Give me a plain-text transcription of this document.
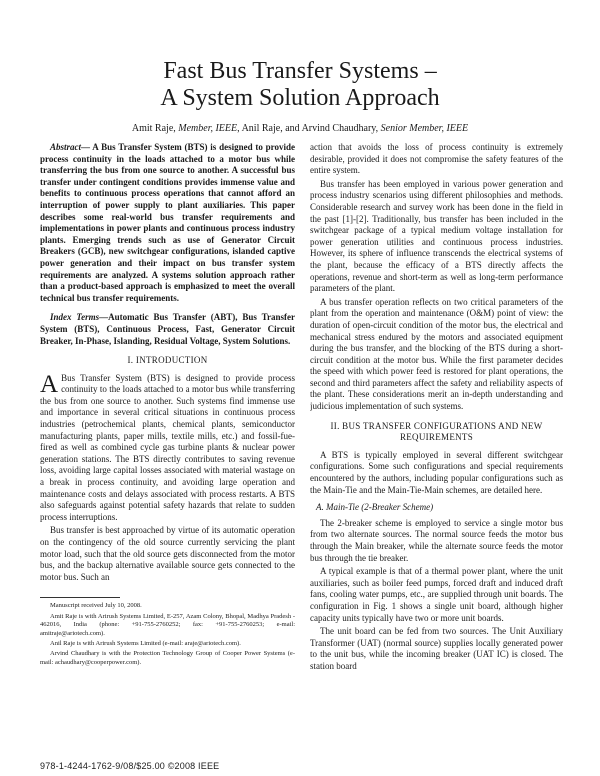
Fast Bus Transfer Systems –
A System Solution Approach
Amit Raje, Member, IEEE, Anil Raje, and Arvind Chaudhary, Senior Member, IEEE

Abstract— A Bus Transfer System (BTS) is designed to provide process continuity in the loads attached to a motor bus while transferring the bus from one source to another. A successful bus transfer under contingent conditions provides immense value and benefits to continuous process operations that cannot afford an interruption of power supply to plant auxiliaries. This paper describes some real-world bus transfer requirements and implementations in power plants and continuous process industry plants. Emerging trends such as use of Generator Circuit Breakers (GCB), new switchgear configurations, islanded captive power generation and their impact on bus transfer system requirements are analyzed. A systems solution approach rather than a product-based approach is emphasized to meet the overall technical bus transfer requirements.

Index Terms—Automatic Bus Transfer (ABT), Bus Transfer System (BTS), Continuous Process, Fast, Generator Circuit Breaker, In-Phase, Islanding, Residual Voltage, System Solutions.

I. INTRODUCTION

A Bus Transfer System (BTS) is designed to provide process continuity to the loads attached to a motor bus while transferring the bus from one source to another. Such systems find immense use and importance in several critical situations in continuous process industries (petrochemical plants, chemical plants, semiconductor manufacturing plants, paper mills, textile mills, etc.) and fossil-fue-fired as well as combined cycle gas turbine plants & nuclear power generation stations. The BTS directly contributes to saving revenue loss, avoiding large capital losses associated with material wastage on a break in process continuity, and avoiding large operation and maintenance costs and delays associated with process restarts. A BTS also safeguards against potential safety hazards that relate to sudden process interruptions.

Bus transfer is best approached by virtue of its automatic operation on the contingency of the old source currently servicing the plant motor load, such that the old source gets disconnected from the motor bus, and the backup alternative available source gets connected to the motor bus. Such an

Manuscript received July 10, 2008.

Amit Raje is with Arirush Systems Limited, E-257, Azam Colony, Bhopal, Madhya Pradesh - 462016, India (phone: +91-755-2760252; fax: +91-755-2760253; e-mail: amitraje@ariotech.com).

Anil Raje is with Arirush Systems Limited (e-mail: araje@ariotech.com).

Arvind Chaudhary is with the Protection Technology Group of Cooper Power Systems (e-mail: achaudhary@cooperpower.com).

978-1-4244-1762-9/08/$25.00 ©2008 IEEE

action that avoids the loss of process continuity is extremely desirable, provided it does not compromise the safety features of the entire system.

Bus transfer has been employed in various power generation and process industry scenarios using different philosophies and methods. Considerable research and survey work has been done in the field in the past [1]-[2]. Traditionally, bus transfer has been included in the switchgear package of a typical medium voltage installation for power generation utilities and continuous process industries. However, its sphere of influence transcends the electrical systems of the plant, because the efficacy of a BTS directly affects the operations, revenue and short-term as well as long-term performance parameters of the plant.

A bus transfer operation reflects on two critical parameters of the plant from the operation and maintenance (O&M) point of view: the duration of open-circuit condition of the motor bus, the electrical and mechanical stress endured by the motors and associated equipment during the bus transfer, and the blocking of the BTS during a short-circuit condition at the motor bus. While the first parameter decides the speed with which power feed is restored for plant operations, the second and third parameters affect the safety and reliability aspects of the plant. These considerations merit an in-depth understanding and judicious implementation of such systems.

II. BUS TRANSFER CONFIGURATIONS AND NEW REQUIREMENTS

A BTS is typically employed in several different switchgear configurations. Some such configurations and special requirements encountered by the authors, including popular configurations such as the Main-Tie and the Main-Tie-Main schemes, are detailed here.

A. Main-Tie (2-Breaker Scheme)

The 2-breaker scheme is employed to service a single motor bus from two alternate sources. The normal source feeds the motor bus through the Main breaker, while the alternate source feeds the motor bus through the tie breaker.

A typical example is that of a thermal power plant, where the unit auxiliaries, such as boiler feed pumps, forced draft and induced draft fans, cooling water pumps, etc., are supplied through unit boards. The configuration in Fig. 1 shows a single unit board, although higher capacity units typically have two or more unit boards.

The unit board can be fed from two sources. The Unit Auxiliary Transformer (UAT) (normal source) supplies locally generated power to the unit bus, while the incoming breaker (UAT IC) is closed. The station board
